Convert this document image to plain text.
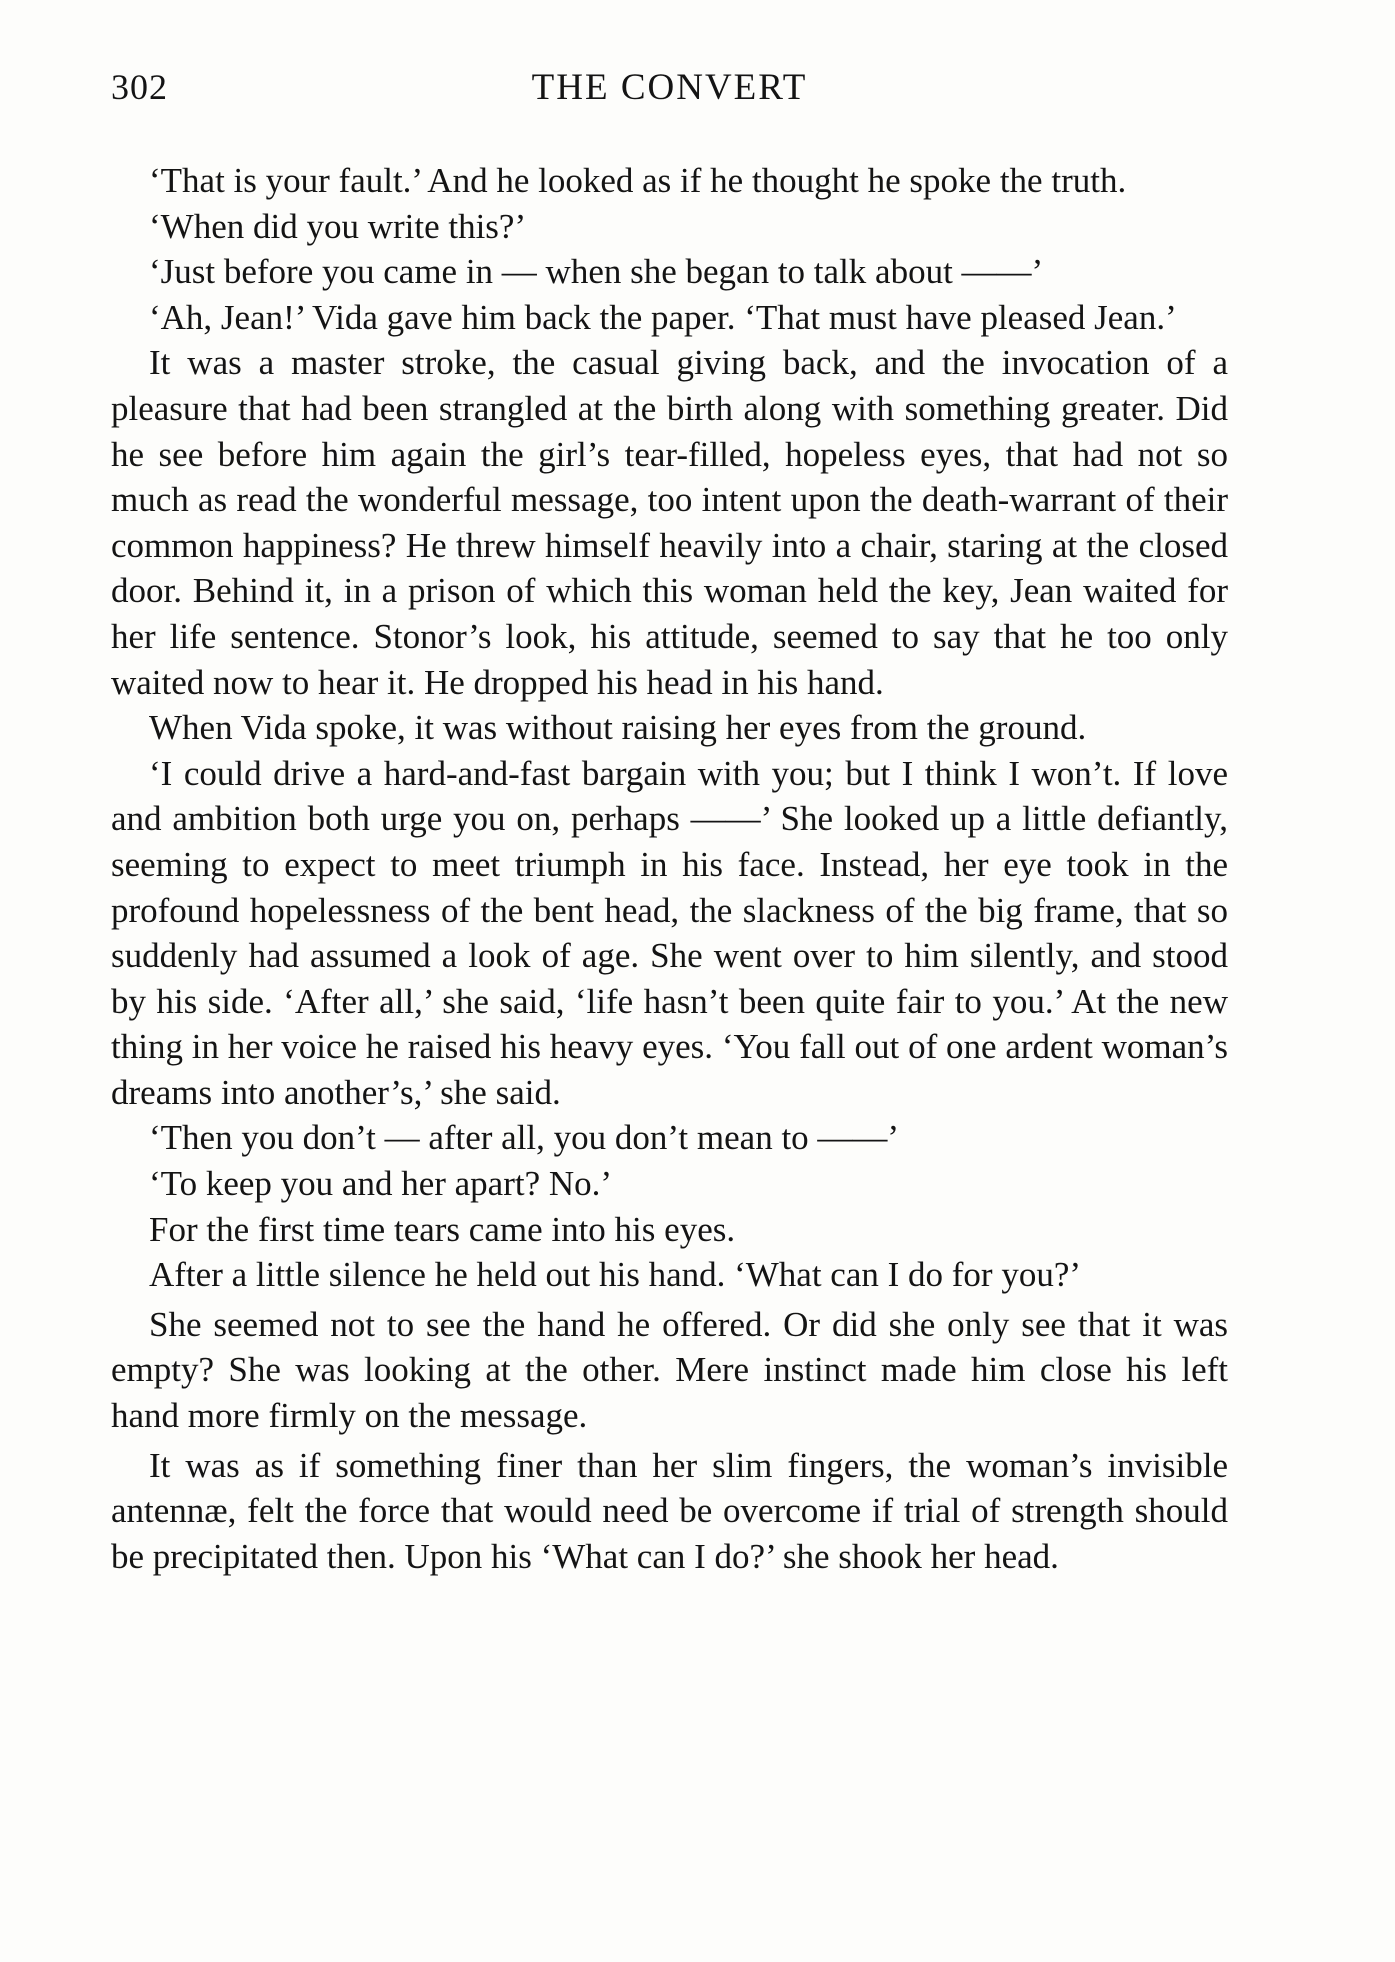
302	THE CONVERT

‘That is your fault.’ And he looked as if he thought he spoke the truth.

‘When did you write this?’

‘Just before you came in — when she began to talk about ——’

‘Ah, Jean!’ Vida gave him back the paper. ‘That must have pleased Jean.’

It was a master stroke, the casual giving back, and the invocation of a pleasure that had been strangled at the birth along with something greater. Did he see before him again the girl’s tear-filled, hopeless eyes, that had not so much as read the wonderful message, too intent upon the death-warrant of their common happiness? He threw himself heavily into a chair, staring at the closed door. Behind it, in a prison of which this woman held the key, Jean waited for her life sentence. Stonor’s look, his attitude, seemed to say that he too only waited now to hear it. He dropped his head in his hand.

When Vida spoke, it was without raising her eyes from the ground.

‘I could drive a hard-and-fast bargain with you; but I think I won’t. If love and ambition both urge you on, perhaps ——’ She looked up a little defiantly, seeming to expect to meet triumph in his face. Instead, her eye took in the profound hopelessness of the bent head, the slackness of the big frame, that so suddenly had assumed a look of age. She went over to him silently, and stood by his side. ‘After all,’ she said, ‘life hasn’t been quite fair to you.’ At the new thing in her voice he raised his heavy eyes. ‘You fall out of one ardent woman’s dreams into another’s,’ she said.

‘Then you don’t — after all, you don’t mean to ——’

‘To keep you and her apart? No.’

For the first time tears came into his eyes.

After a little silence he held out his hand. ‘What can I do for you?’

She seemed not to see the hand he offered. Or did she only see that it was empty? She was looking at the other. Mere instinct made him close his left hand more firmly on the message.

It was as if something finer than her slim fingers, the woman’s invisible antennæ, felt the force that would need be overcome if trial of strength should be precipitated then. Upon his ‘What can I do?’ she shook her head.
